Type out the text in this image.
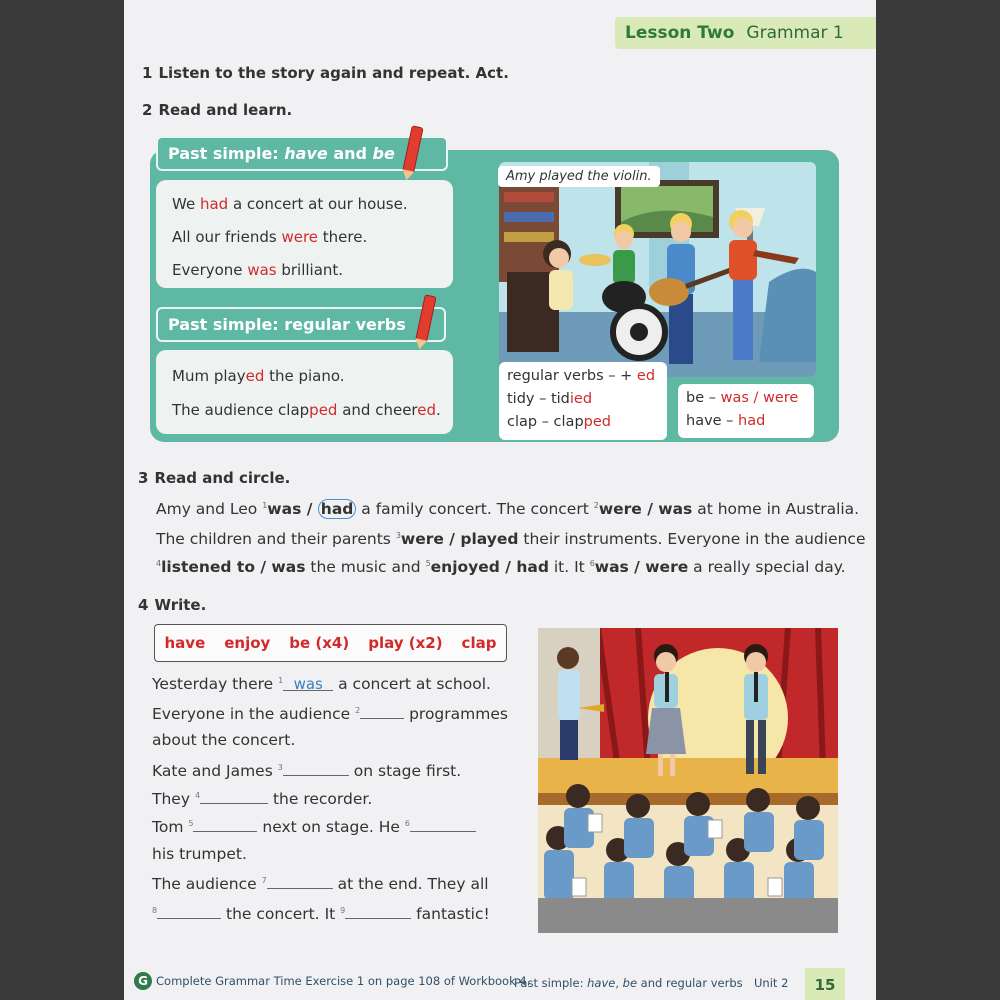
Lesson Two Grammar 1
1 Listen to the story again and repeat. Act.
2 Read and learn.
Past simple: have and be

We had a concert at our house.

All our friends were there.

Everyone was brilliant.

Past simple: regular verbs

Mum played the piano.

The audience clapped and cheered.

Amy played the violin.
regular verbs – + ed
tidy – tidied
clap – clapped
be – was / were
have – had
3 Read and circle.
Amy and Leo $^1$was / had a family concert. The concert $^2$were / was at home in Australia.
The children and their parents $^3$were / played their instruments. Everyone in the audience
$^4$listened to / was the music and $^5$enjoyed / had it. It $^6$was / were a really special day.
4 Write.
have enjoy be (x4) play (x2) clap
Yesterday there $^1$ was a concert at school.
Everyone in the audience $^2$	programmes
about the concert.
Kate and James $^3$	on stage first.
They $^4$	the recorder.
Tom $^5$	next on stage. He $^6$
his trumpet.
The audience $^7$	at the end. They all
$^8$	the concert. It $^9$	fantastic!
G Complete Grammar Time Exercise 1 on page 108 of Workbook 4.
Past simple: have, be and regular verbs Unit 2	15
